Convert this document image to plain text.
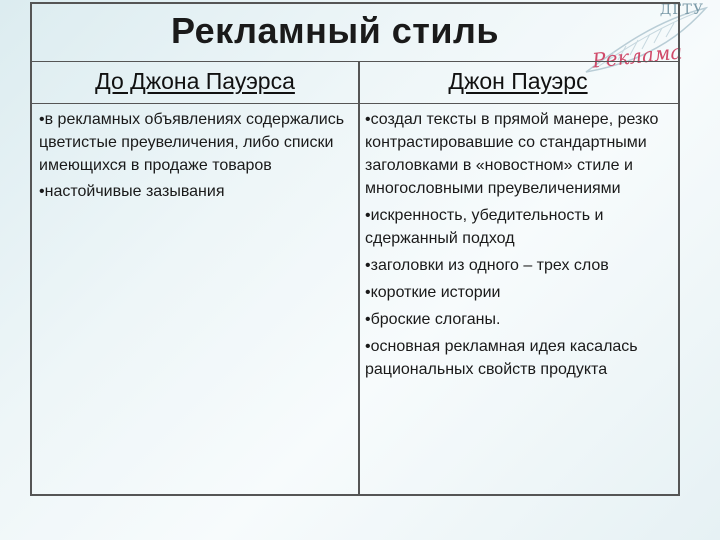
ДГТУ
Реклама
Рекламный стиль
До Джона Пауэрса	Джон Пауэрс

•в рекламных объявлениях содержались цветистые преувеличения, либо списки имеющихся в продаже товаров

•настойчивые зазывания

•создал тексты в прямой манере, резко контрастировавшие со стандартными заголовками в «новостном» стиле и многословными преувеличениями

•искренность, убедительность и сдержанный подход

•заголовки из одного – трех слов

•короткие истории

•броские слоганы.

•основная рекламная идея касалась рациональных свойств продукта
